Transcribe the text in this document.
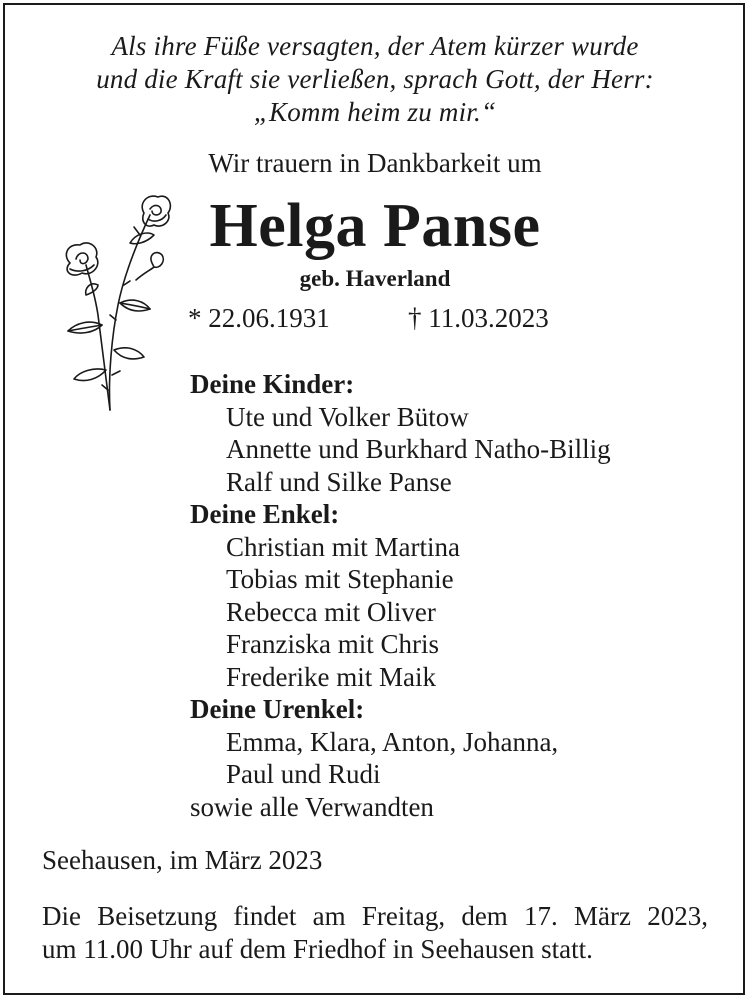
Als ihre Füße versagten, der Atem kürzer wurde
und die Kraft sie verließen, sprach Gott, der Herr:
„Komm heim zu mir.“
Wir trauern in Dankbarkeit um
Helga Panse
geb. Haverland
* 22.06.1931	† 11.03.2023
Deine Kinder:
Ute und Volker Bütow
Annette und Burkhard Natho-Billig
Ralf und Silke Panse
Deine Enkel:
Christian mit Martina
Tobias mit Stephanie
Rebecca mit Oliver
Franziska mit Chris
Frederike mit Maik
Deine Urenkel:
Emma, Klara, Anton, Johanna,
Paul und Rudi
sowie alle Verwandten
Seehausen, im März 2023
Die Beisetzung findet am Freitag, dem 17. März 2023,
um 11.00 Uhr auf dem Friedhof in Seehausen statt.
